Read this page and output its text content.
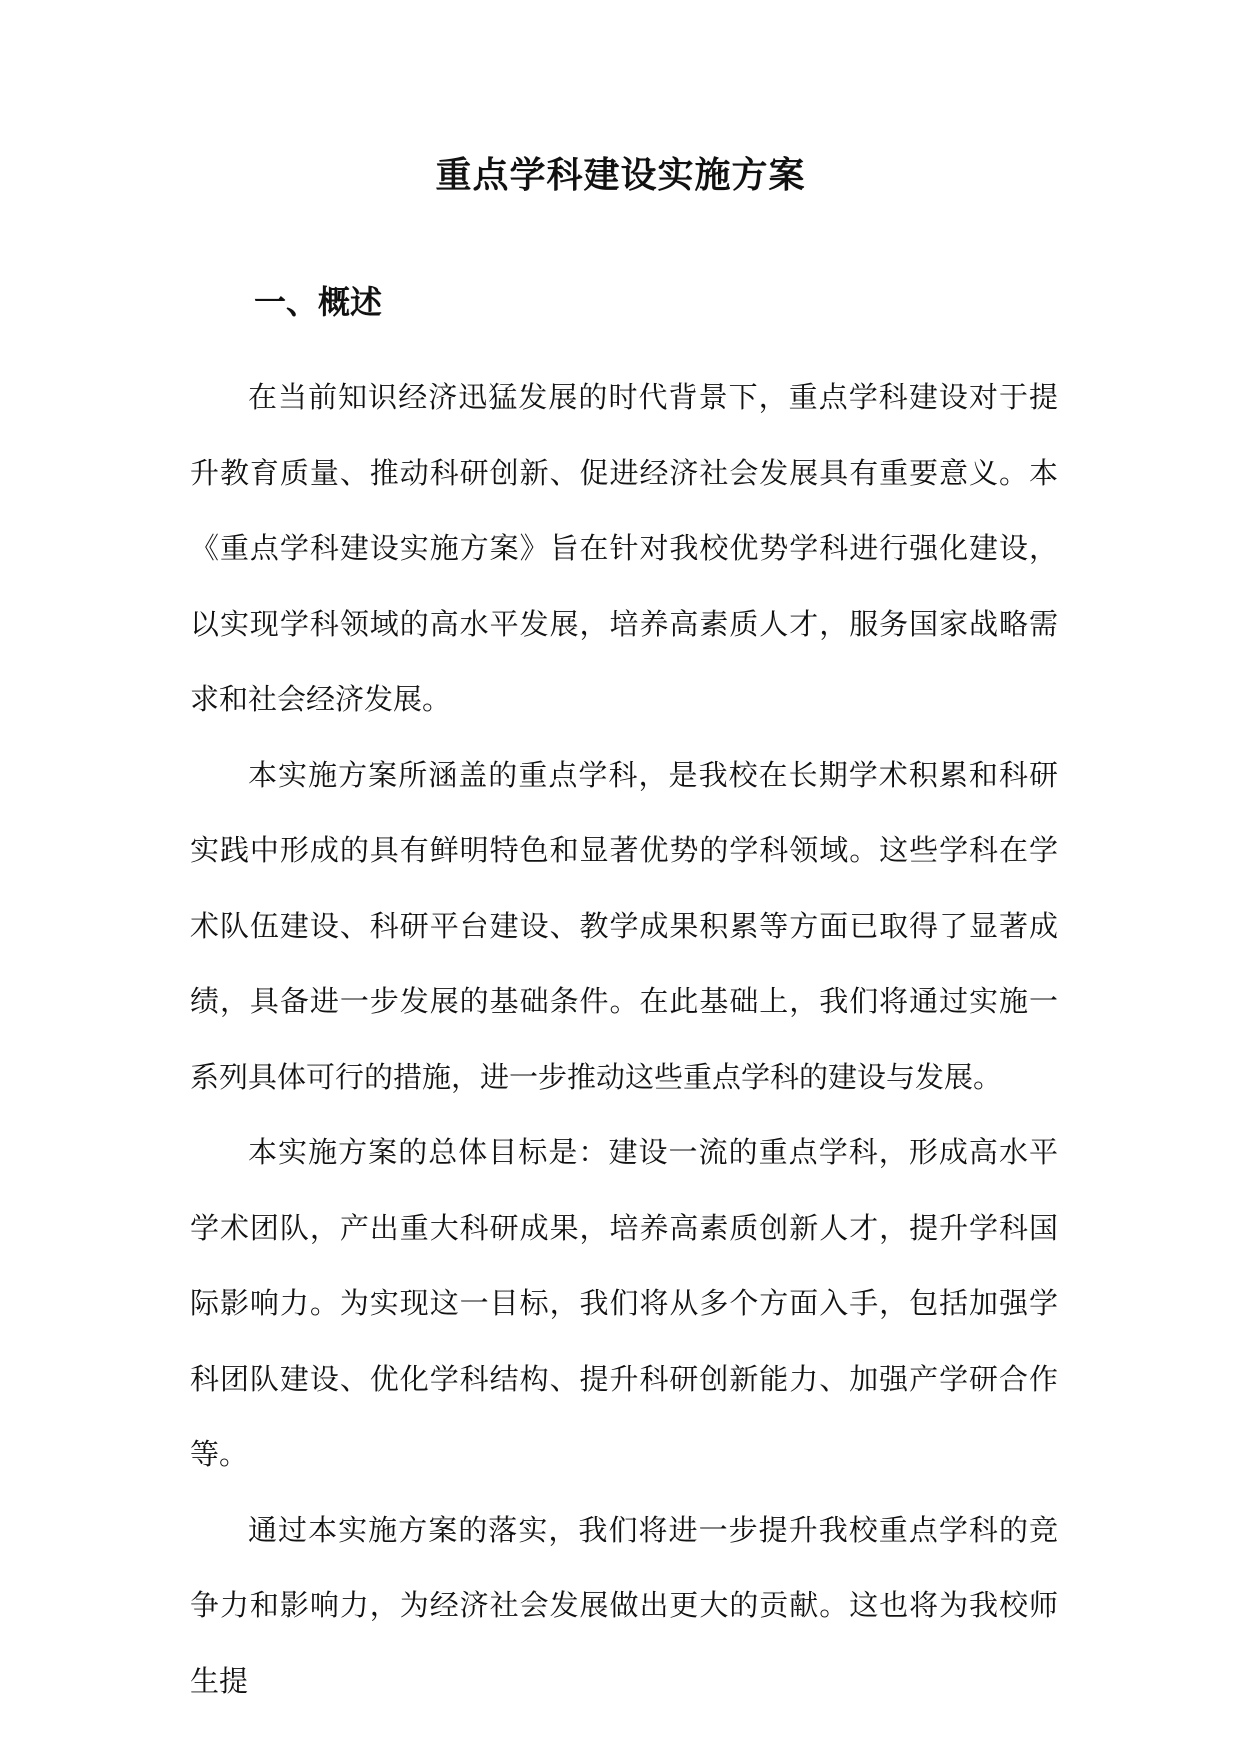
重点学科建设实施方案
一、概述

在当前知识经济迅猛发展的时代背景下，重点学科建设对于提升教育质量、推动科研创新、促进经济社会发展具有重要意义。本《重点学科建设实施方案》旨在针对我校优势学科进行强化建设，以实现学科领域的高水平发展，培养高素质人才，服务国家战略需求和社会经济发展。

本实施方案所涵盖的重点学科，是我校在长期学术积累和科研实践中形成的具有鲜明特色和显著优势的学科领域。这些学科在学术队伍建设、科研平台建设、教学成果积累等方面已取得了显著成绩，具备进一步发展的基础条件。在此基础上，我们将通过实施一系列具体可行的措施，进一步推动这些重点学科的建设与发展。

本实施方案的总体目标是：建设一流的重点学科，形成高水平学术团队，产出重大科研成果，培养高素质创新人才，提升学科国际影响力。为实现这一目标，我们将从多个方面入手，包括加强学科团队建设、优化学科结构、提升科研创新能力、加强产学研合作等。

通过本实施方案的落实，我们将进一步提升我校重点学科的竞争力和影响力，为经济社会发展做出更大的贡献。这也将为我校师生提
